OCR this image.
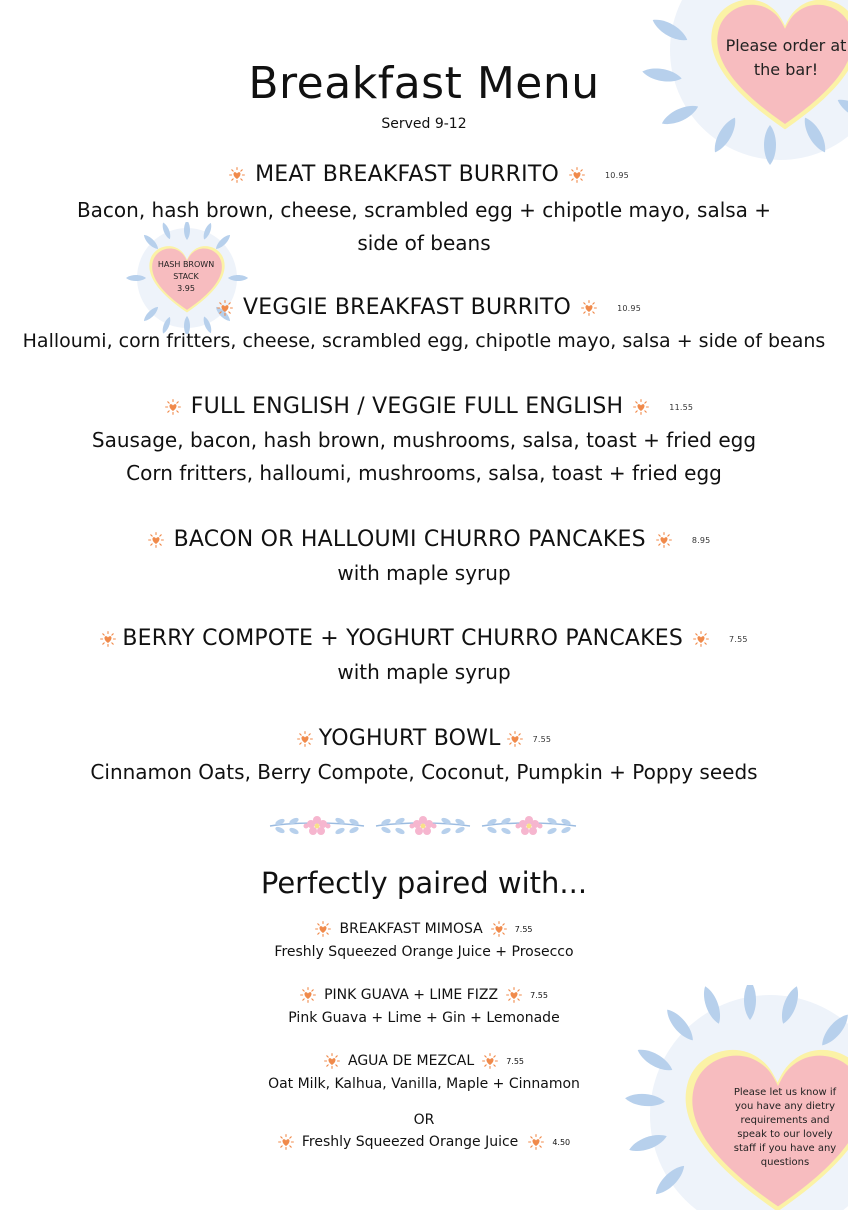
Please order at the bar!
HASH BROWN
STACK
3.95
Please let us know if you have any dietry requirements and speak to our lovely staff if you have any questions
Breakfast Menu
Served 9-12
MEAT BREAKFAST BURRITO	10.95
Bacon, hash brown, cheese, scrambled egg + chipotle mayo, salsa +
side of beans
VEGGIE BREAKFAST BURRITO	10.95
Halloumi, corn fritters, cheese, scrambled egg, chipotle mayo, salsa + side of beans
FULL ENGLISH / VEGGIE FULL ENGLISH	11.55
Sausage, bacon, hash brown, mushrooms, salsa, toast + fried egg
Corn fritters, halloumi, mushrooms, salsa, toast + fried egg
BACON OR HALLOUMI CHURRO PANCAKES	8.95
with maple syrup
BERRY COMPOTE + YOGHURT CHURRO PANCAKES	7.55
with maple syrup
YOGHURT BOWL	7.55
Cinnamon Oats, Berry Compote, Coconut, Pumpkin + Poppy seeds
Perfectly paired with...
BREAKFAST MIMOSA	7.55
Freshly Squeezed Orange Juice + Prosecco
PINK GUAVA + LIME FIZZ	7.55
Pink Guava + Lime + Gin + Lemonade
AGUA DE MEZCAL	7.55
Oat Milk, Kalhua, Vanilla, Maple + Cinnamon
OR
Freshly Squeezed Orange Juice	4.50
